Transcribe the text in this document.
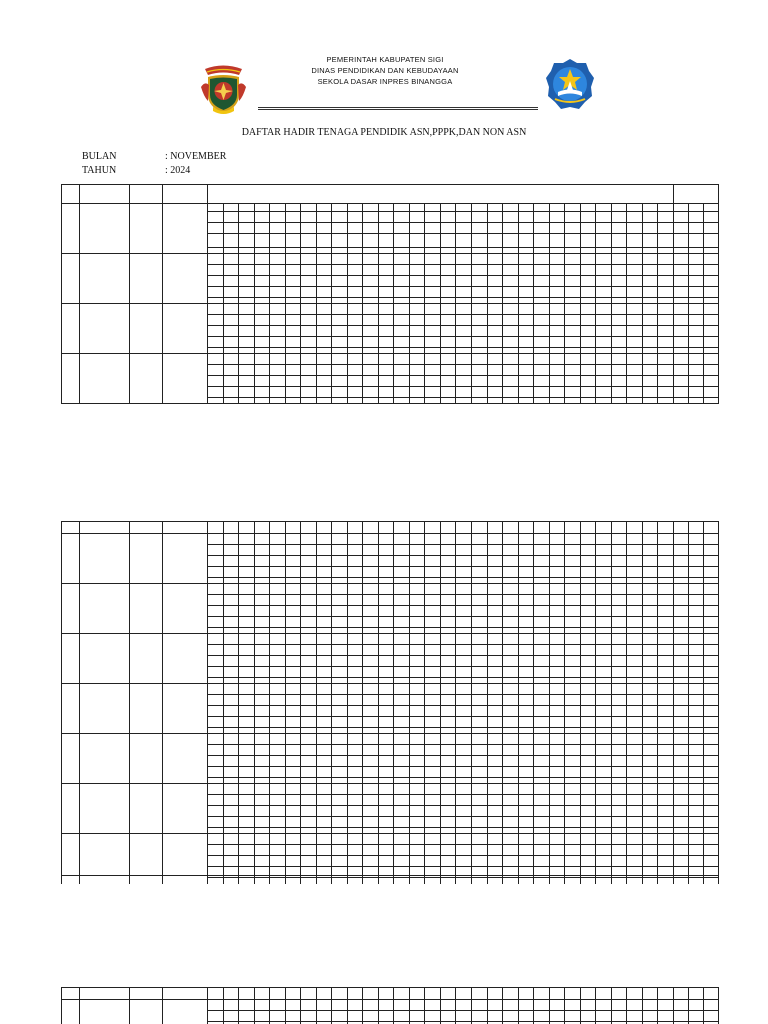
PEMERINTAH KABUPATEN SIGI
DINAS PENDIDIKAN DAN KEBUDAYAAN
SEKOLA DASAR INPRES BINANGGA
DAFTAR HADIR TENAGA PENDIDIK ASN,PPPK,DAN NON ASN
BULAN	: NOVEMBER
TAHUN	: 2024
